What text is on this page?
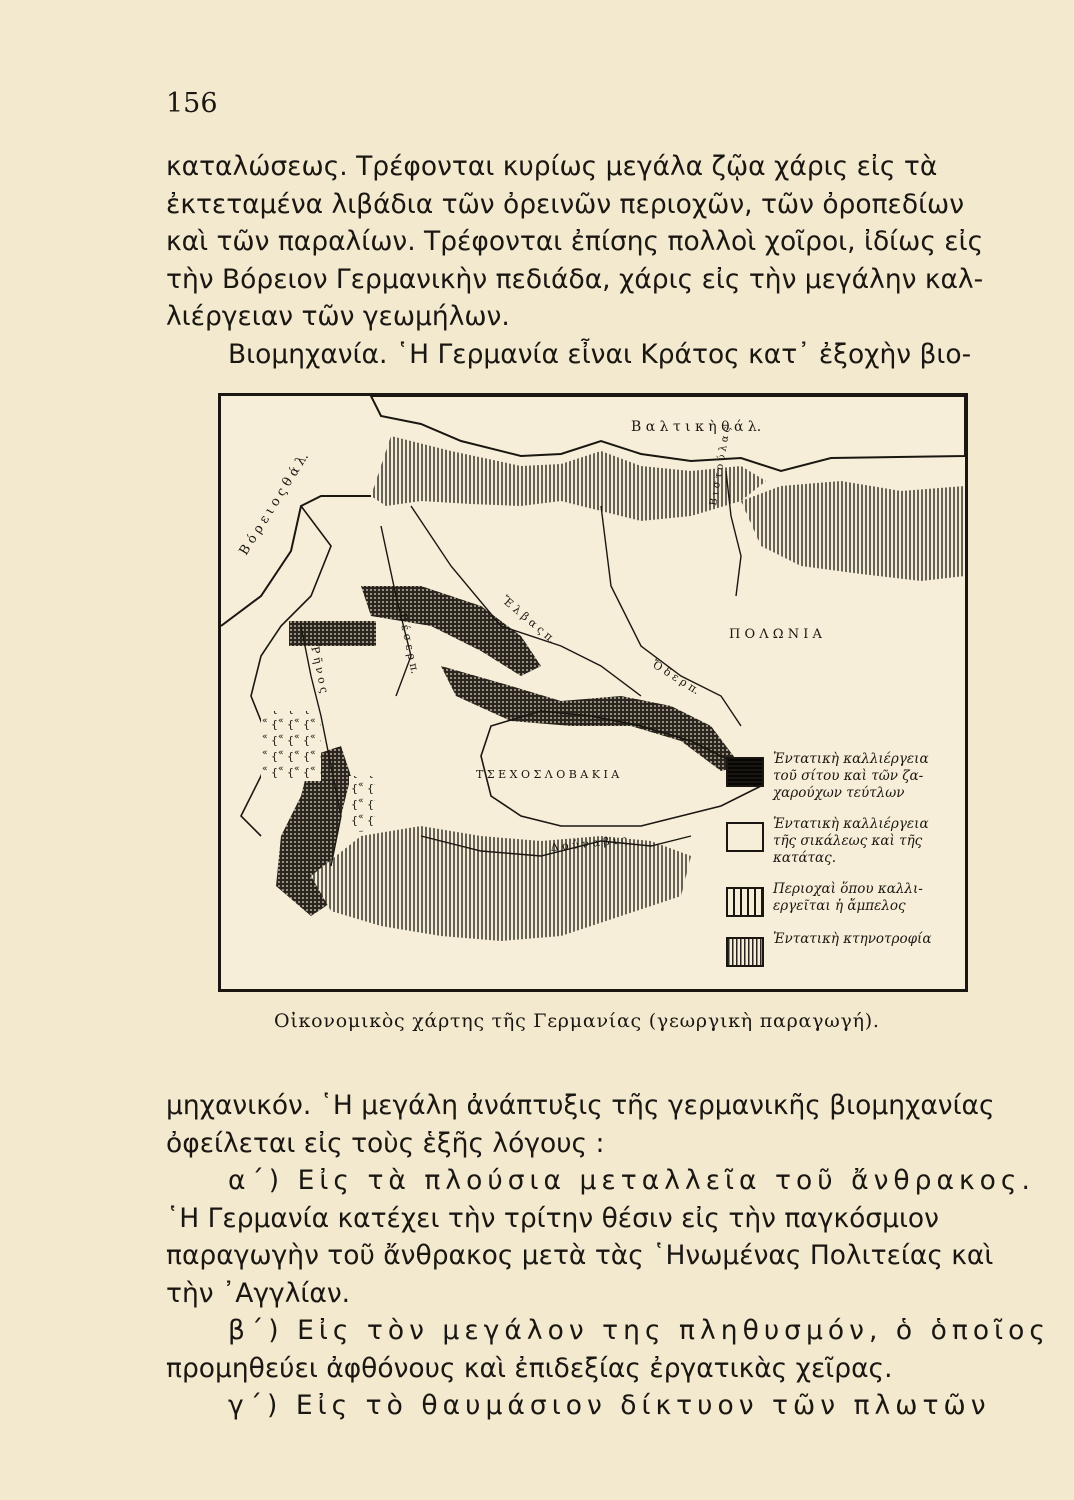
156

καταλώσεως. Τρέφονται κυρίως μεγάλα ζῷα χάρις εἰς τὰ

ἐκτεταμένα λιβάδια τῶν ὀρεινῶν περιοχῶν, τῶν ὀροπεδίων

καὶ τῶν παραλίων. Τρέφονται ἐπίσης πολλοὶ χοῖροι, ἰδίως εἰς

τὴν Βόρειον Γερμανικὴν πεδιάδα, χάρις εἰς τὴν μεγάλην καλ-

λιέργειαν τῶν γεωμήλων.

Βιομηχανία. ῾Η Γερμανία εἶναι Κράτος κατ᾽ ἐξοχὴν βιο-

Β α λ τ ι κ ὴ θ ά λ.
Β ό ρ ε ι ο ς θ ά λ.
Π Ο Λ Ω Ν Ι Α
Τ Σ Ε Χ Ο Σ Λ Ο Β Α Κ Ι Α
Ὄ δ ε ρ π.
Ἔ λ β α ς π.
Β έ σ ε ρ π.
Ῥ ῆ ν ο ς
Δ ο ύ ν α β ι ς
Β ι σ τ ο ύ λ α ς
Ἐντατικὴ καλλιέργεια
τοῦ σίτου καὶ τῶν ζα-
χαρούχων τεύτλων
Ἐντατικὴ καλλιέργεια
τῆς σικάλεως καὶ τῆς
κατάτας.
Περιοχαὶ ὅπου καλλι-
εργεῖται ἡ ἄμπελος
Ἐντατικὴ κτηνοτροφία
Οἰκονομικὸς χάρτης τῆς Γερμανίας (γεωργικὴ παραγωγή).

μηχανικόν. ῾Η μεγάλη ἀνάπτυξις τῆς γερμανικῆς βιομηχανίας

ὀφείλεται εἰς τοὺς ἑξῆς λόγους :

α΄) Εἰς τὰ πλούσια μεταλλεῖα τοῦ ἄνθρακος.

῾Η Γερμανία κατέχει τὴν τρίτην θέσιν εἰς τὴν παγκόσμιον

παραγωγὴν τοῦ ἄνθρακος μετὰ τὰς ῾Ηνωμένας Πολιτείας καὶ

τὴν ᾽Αγγλίαν.

β΄) Εἰς τὸν μεγάλον της πληθυσμόν, ὁ ὁποῖος

προμηθεύει ἀφθόνους καὶ ἐπιδεξίας ἐργατικὰς χεῖρας.

γ΄) Εἰς τὸ θαυμάσιον δίκτυον τῶν πλωτῶν
